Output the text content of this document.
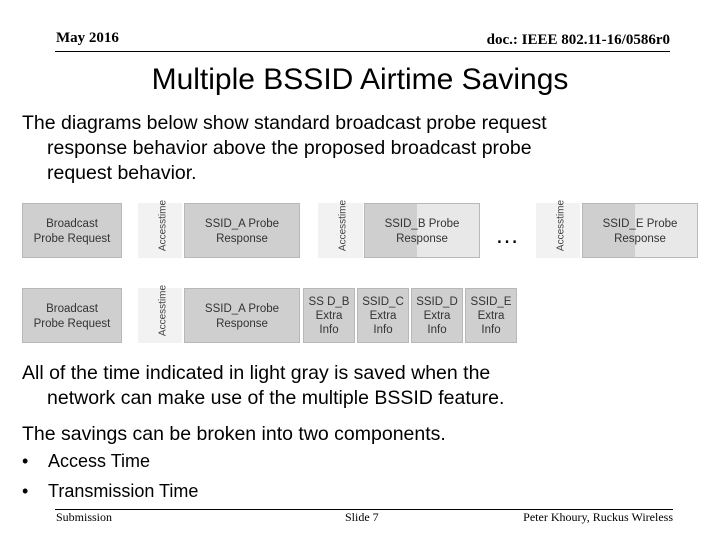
May 2016	doc.: IEEE 802.11-16/0586r0
Multiple BSSID Airtime Savings
The diagrams below show standard broadcast probe request
response behavior above the proposed broadcast probe
request behavior.
Broadcast
Probe Request	Accesstime	SSID_A Probe
Response	Accesstime	SSID_B Probe
Response	…	Accesstime	SSID_E Probe
Response
Broadcast
Probe Request	Accesstime	SSID_A Probe
Response
SS D_B
Extra
Info
SSID_C
Extra
Info
SSID_D
Extra
Info
SSID_E
Extra
Info
All of the time indicated in light gray is saved when the
network can make use of the multiple BSSID feature.
The savings can be broken into two components.
• Access Time
• Transmission Time
Submission	Slide 7	Peter Khoury, Ruckus Wireless
